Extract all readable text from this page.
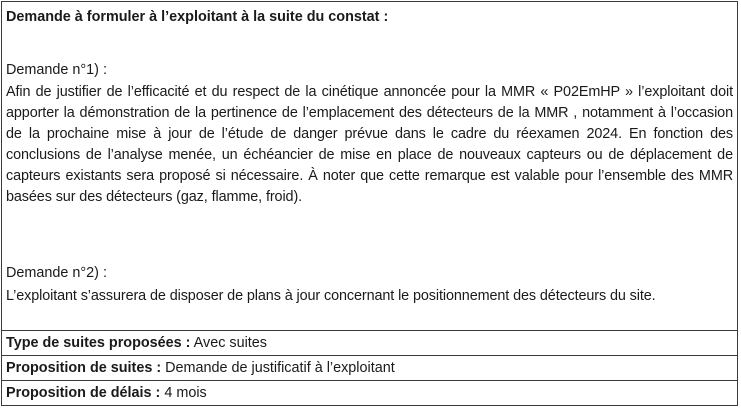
Demande à formuler à l’exploitant à la suite du constat :

Demande n°1) :

Afin de justifier de l’efficacité et du respect de la cinétique annoncée pour la MMR « P02EmHP » l’exploitant doit apporter la démonstration de la pertinence de l’emplacement des détecteurs de la MMR , notamment à l’occasion de la prochaine mise à jour de l’étude de danger prévue dans le cadre du réexamen 2024. En fonction des conclusions de l’analyse menée, un échéancier de mise en place de nouveaux capteurs ou de déplacement de capteurs existants sera proposé si nécessaire. À noter que cette remarque est valable pour l’ensemble des MMR basées sur des détecteurs (gaz, flamme, froid).

Demande n°2) :

L’exploitant s’assurera de disposer de plans à jour concernant le positionnement des détecteurs du site.

Type de suites proposées : Avec suites
Proposition de suites : Demande de justificatif à l’exploitant
Proposition de délais : 4 mois
